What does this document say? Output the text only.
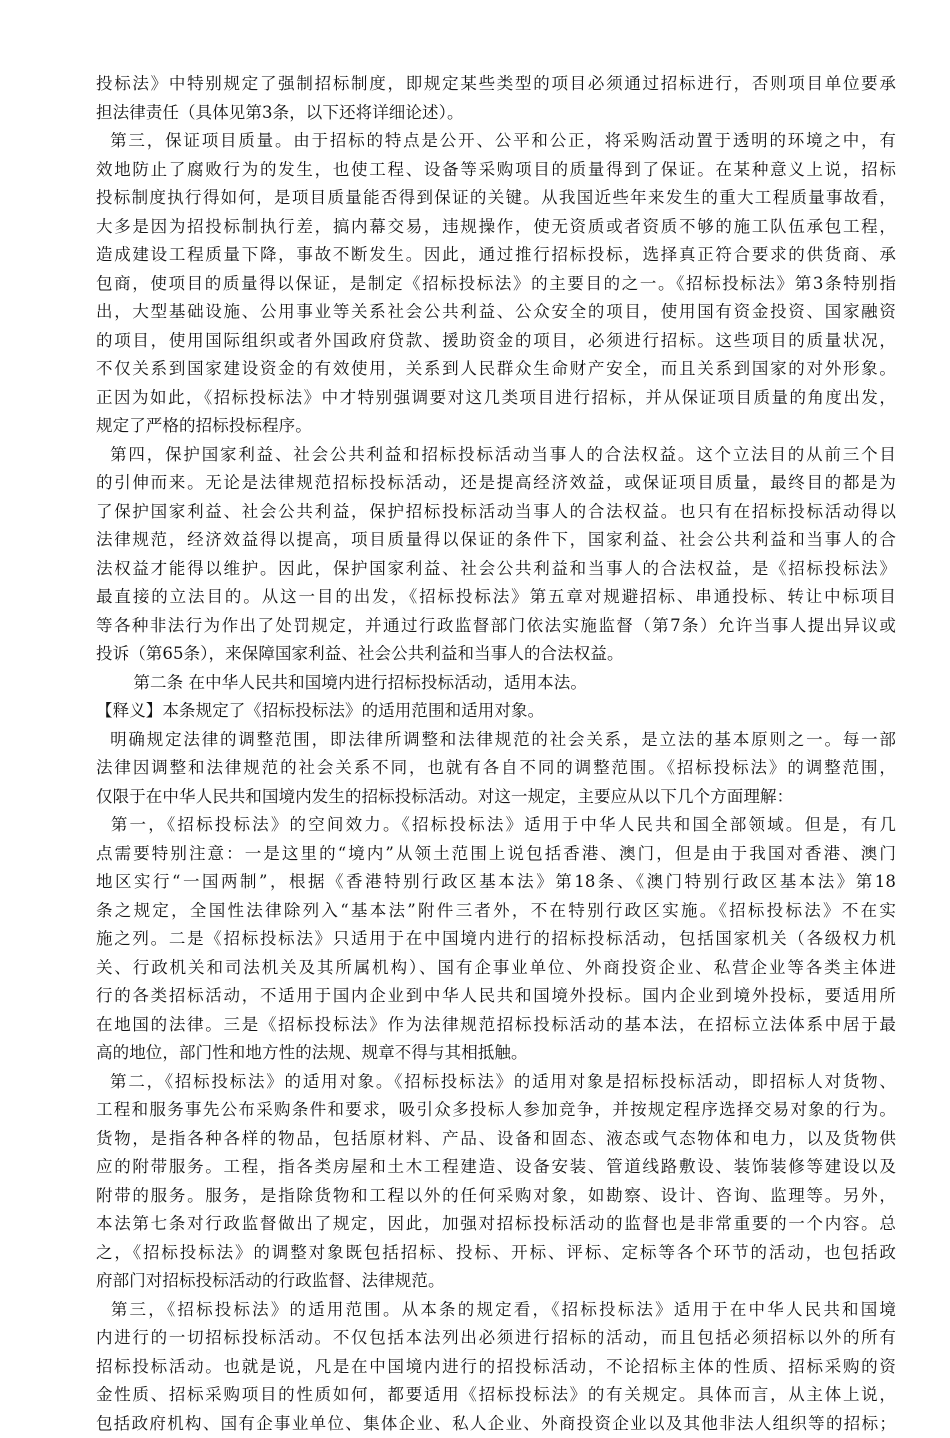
投标法》中特别规定了强制招标制度，即规定某些类型的项目必须通过招标进行，否则项目单位要承
担法律责任（具体见第3条，以下还将详细论述）。
第三，保证项目质量。由于招标的特点是公开、公平和公正，将采购活动置于透明的环境之中，有
效地防止了腐败行为的发生，也使工程、设备等采购项目的质量得到了保证。在某种意义上说，招标
投标制度执行得如何，是项目质量能否得到保证的关键。从我国近些年来发生的重大工程质量事故看，
大多是因为招投标制执行差，搞内幕交易，违规操作，使无资质或者资质不够的施工队伍承包工程，
造成建设工程质量下降，事故不断发生。因此，通过推行招标投标，选择真正符合要求的供货商、承
包商，使项目的质量得以保证，是制定《招标投标法》的主要目的之一。《招标投标法》第3条特别指
出，大型基础设施、公用事业等关系社会公共利益、公众安全的项目，使用国有资金投资、国家融资
的项目，使用国际组织或者外国政府贷款、援助资金的项目，必须进行招标。这些项目的质量状况，
不仅关系到国家建设资金的有效使用，关系到人民群众生命财产安全，而且关系到国家的对外形象。
正因为如此，《招标投标法》中才特别强调要对这几类项目进行招标，并从保证项目质量的角度出发，
规定了严格的招标投标程序。
第四，保护国家利益、社会公共利益和招标投标活动当事人的合法权益。这个立法目的从前三个目
的引伸而来。无论是法律规范招标投标活动，还是提高经济效益，或保证项目质量，最终目的都是为
了保护国家利益、社会公共利益，保护招标投标活动当事人的合法权益。也只有在招标投标活动得以
法律规范，经济效益得以提高，项目质量得以保证的条件下，国家利益、社会公共利益和当事人的合
法权益才能得以维护。因此，保护国家利益、社会公共利益和当事人的合法权益，是《招标投标法》
最直接的立法目的。从这一目的出发，《招标投标法》第五章对规避招标、串通投标、转让中标项目
等各种非法行为作出了处罚规定，并通过行政监督部门依法实施监督（第7条）允许当事人提出异议或
投诉（第65条），来保障国家利益、社会公共利益和当事人的合法权益。
第二条 在中华人民共和国境内进行招标投标活动，适用本法。
【释义】本条规定了《招标投标法》的适用范围和适用对象。
明确规定法律的调整范围，即法律所调整和法律规范的社会关系，是立法的基本原则之一。每一部
法律因调整和法律规范的社会关系不同，也就有各自不同的调整范围。《招标投标法》的调整范围，
仅限于在中华人民共和国境内发生的招标投标活动。对这一规定，主要应从以下几个方面理解：
第一，《招标投标法》的空间效力。《招标投标法》适用于中华人民共和国全部领域。但是，有几
点需要特别注意：一是这里的“境内”从领土范围上说包括香港、澳门，但是由于我国对香港、澳门
地区实行“一国两制”，根据《香港特别行政区基本法》第18条、《澳门特别行政区基本法》第18
条之规定，全国性法律除列入“基本法”附件三者外，不在特别行政区实施。《招标投标法》不在实
施之列。二是《招标投标法》只适用于在中国境内进行的招标投标活动，包括国家机关（各级权力机
关、行政机关和司法机关及其所属机构）、国有企事业单位、外商投资企业、私营企业等各类主体进
行的各类招标活动，不适用于国内企业到中华人民共和国境外投标。国内企业到境外投标，要适用所
在地国的法律。三是《招标投标法》作为法律规范招标投标活动的基本法，在招标立法体系中居于最
高的地位，部门性和地方性的法规、规章不得与其相抵触。
第二，《招标投标法》的适用对象。《招标投标法》的适用对象是招标投标活动，即招标人对货物、
工程和服务事先公布采购条件和要求，吸引众多投标人参加竞争，并按规定程序选择交易对象的行为。
货物，是指各种各样的物品，包括原材料、产品、设备和固态、液态或气态物体和电力，以及货物供
应的附带服务。工程，指各类房屋和土木工程建造、设备安装、管道线路敷设、装饰装修等建设以及
附带的服务。服务，是指除货物和工程以外的任何采购对象，如勘察、设计、咨询、监理等。另外，
本法第七条对行政监督做出了规定，因此，加强对招标投标活动的监督也是非常重要的一个内容。总
之，《招标投标法》的调整对象既包括招标、投标、开标、评标、定标等各个环节的活动，也包括政
府部门对招标投标活动的行政监督、法律规范。
第三，《招标投标法》的适用范围。从本条的规定看，《招标投标法》适用于在中华人民共和国境
内进行的一切招标投标活动。不仅包括本法列出必须进行招标的活动，而且包括必须招标以外的所有
招标投标活动。也就是说，凡是在中国境内进行的招投标活动，不论招标主体的性质、招标采购的资
金性质、招标采购项目的性质如何，都要适用《招标投标法》的有关规定。具体而言，从主体上说，
包括政府机构、国有企事业单位、集体企业、私人企业、外商投资企业以及其他非法人组织等的招标；
